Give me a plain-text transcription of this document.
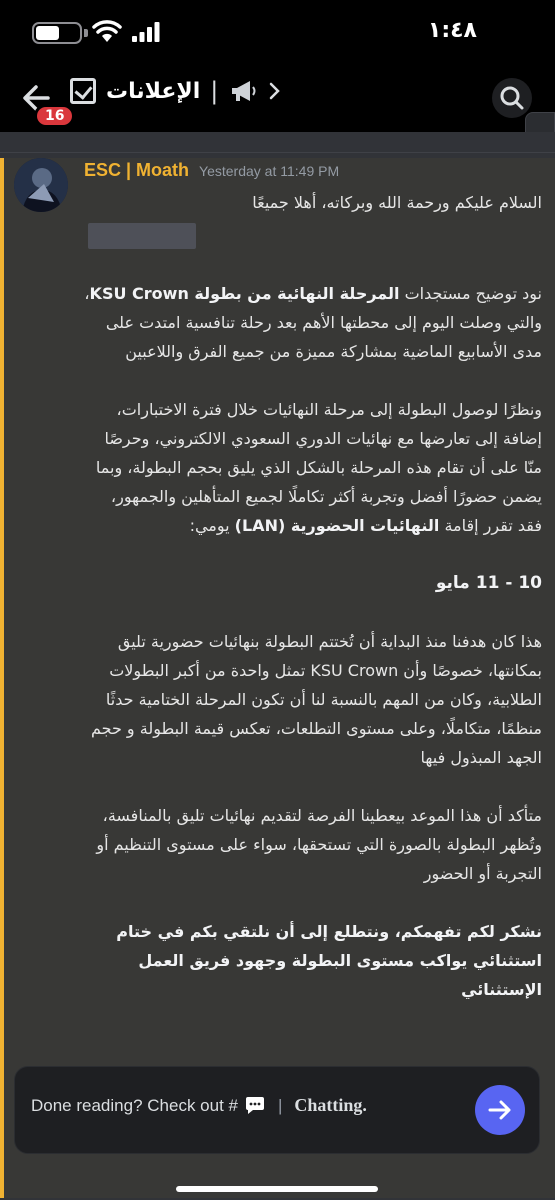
١:٤٨
16
الإعلانات |
ESC | Moath Yesterday at 11:49 PM

السلام عليكم ورحمة الله وبركاته، أهلا جميعًا

نود توضيح مستجدات المرحلة النهائية من بطولة KSU Crown، والتي وصلت اليوم إلى محطتها الأهم بعد رحلة تنافسية امتدت على مدى الأسابيع الماضية بمشاركة مميزة من جميع الفرق واللاعبين

ونظرًا لوصول البطولة إلى مرحلة النهائيات خلال فترة الاختبارات، إضافة إلى تعارضها مع نهائيات الدوري السعودي الالكتروني، وحرصًا منّا على أن تقام هذه المرحلة بالشكل الذي يليق بحجم البطولة، وبما يضمن حضورًا أفضل وتجربة أكثر تكاملًا لجميع المتأهلين والجمهور، فقد تقرر إقامة النهائيات الحضورية (LAN) يومي:

10 - 11 مايو

هذا كان هدفنا منذ البداية أن تُختتم البطولة بنهائيات حضورية تليق بمكانتها، خصوصًا وأن KSU Crown تمثل واحدة من أكبر البطولات الطلابية، وكان من المهم بالنسبة لنا أن تكون المرحلة الختامية حدثًا منظمًا، متكاملًا، وعلى مستوى التطلعات، تعكس قيمة البطولة و حجم الجهد المبذول فيها

متأكد أن هذا الموعد بيعطينا الفرصة لتقديم نهائيات تليق بالمنافسة، وتُظهر البطولة بالصورة التي تستحقها، سواء على مستوى التنظيم أو التجربة أو الحضور

نشكر لكم تفهمكم، ونتطلع إلى أن نلتقي بكم في ختام استثنائي يواكب مستوى البطولة وجهود فريق العمل الإستثنائي

Done reading? Check out # | Chatting.
